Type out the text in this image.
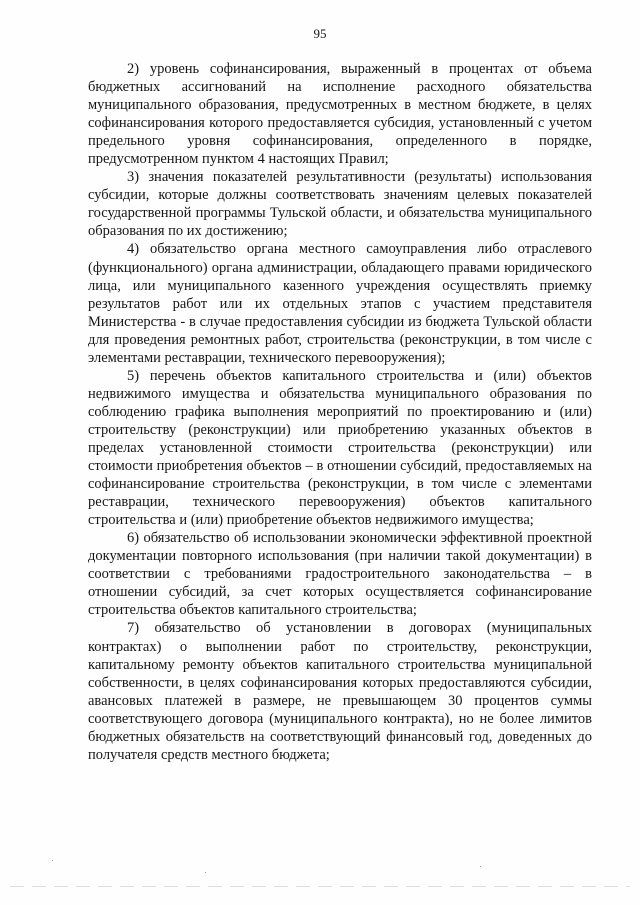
95

2) уровень софинансирования, выраженный в процентах от объема бюджетных ассигнований на исполнение расходного обязательства муниципального образования, предусмотренных в местном бюджете, в целях софинансирования которого предоставляется субсидия, установленный с учетом предельного уровня софинансирования, определенного в порядке, предусмотренном пунктом 4 настоящих Правил;

3) значения показателей результативности (результаты) использования субсидии, которые должны соответствовать значениям целевых показателей государственной программы Тульской области, и обязательства муниципального образования по их достижению;

4) обязательство органа местного самоуправления либо отраслевого (функционального) органа администрации, обладающего правами юридического лица, или муниципального казенного учреждения осуществлять приемку результатов работ или их отдельных этапов с участием представителя Министерства - в случае предоставления субсидии из бюджета Тульской области для проведения ремонтных работ, строительства (реконструкции, в том числе с элементами реставрации, технического перевооружения);

5) перечень объектов капитального строительства и (или) объектов недвижимого имущества и обязательства муниципального образования по соблюдению графика выполнения мероприятий по проектированию и (или) строительству (реконструкции) или приобретению указанных объектов в пределах установленной стоимости строительства (реконструкции) или стоимости приобретения объектов – в отношении субсидий, предоставляемых на софинансирование строительства (реконструкции, в том числе с элементами реставрации, технического перевооружения) объектов капитального строительства и (или) приобретение объектов недвижимого имущества;

6) обязательство об использовании экономически эффективной проектной документации повторного использования (при наличии такой документации) в соответствии с требованиями градостроительного законодательства – в отношении субсидий, за счет которых осуществляется софинансирование строительства объектов капитального строительства;

7) обязательство об установлении в договорах (муниципальных контрактах) о выполнении работ по строительству, реконструкции, капитальному ремонту объектов капитального строительства муниципальной собственности, в целях софинансирования которых предоставляются субсидии, авансовых платежей в размере, не превышающем 30 процентов суммы соответствующего договора (муниципального контракта), но не более лимитов бюджетных обязательств на соответствующий финансовый год, доведенных до получателя средств местного бюджета;
